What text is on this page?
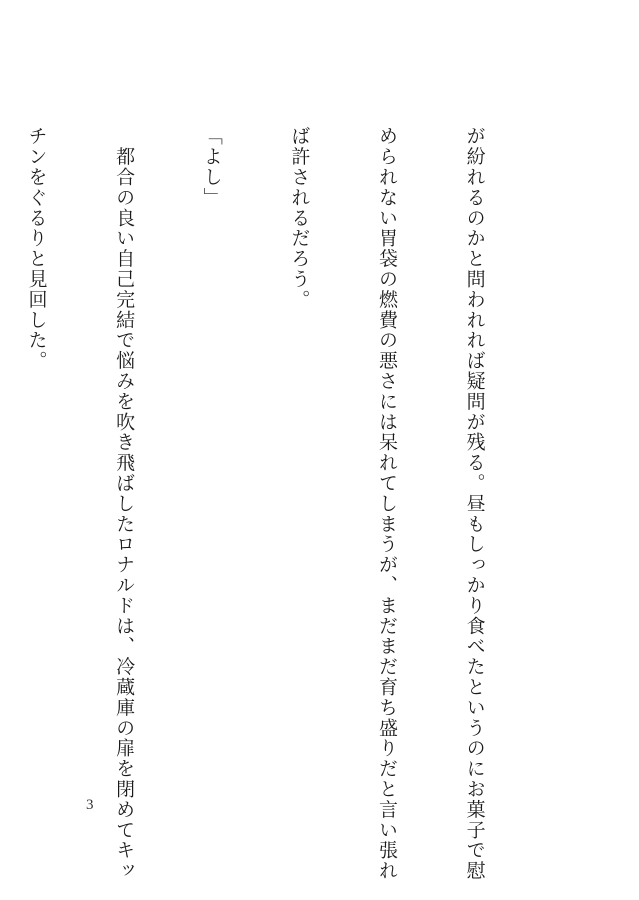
が紛れるのかと問われれば疑問が残る。昼もしっかり食べたというのにお菓子で慰

められない胃袋の燃費の悪さには呆れてしまうが、まだまだ育ち盛りだと言い張れ

ば許されるだろう。

「よし」

　都合の良い自己完結で悩みを吹き飛ばしたロナルドは、冷蔵庫の扉を閉めてキッ

チンをぐるりと見回した。

3
